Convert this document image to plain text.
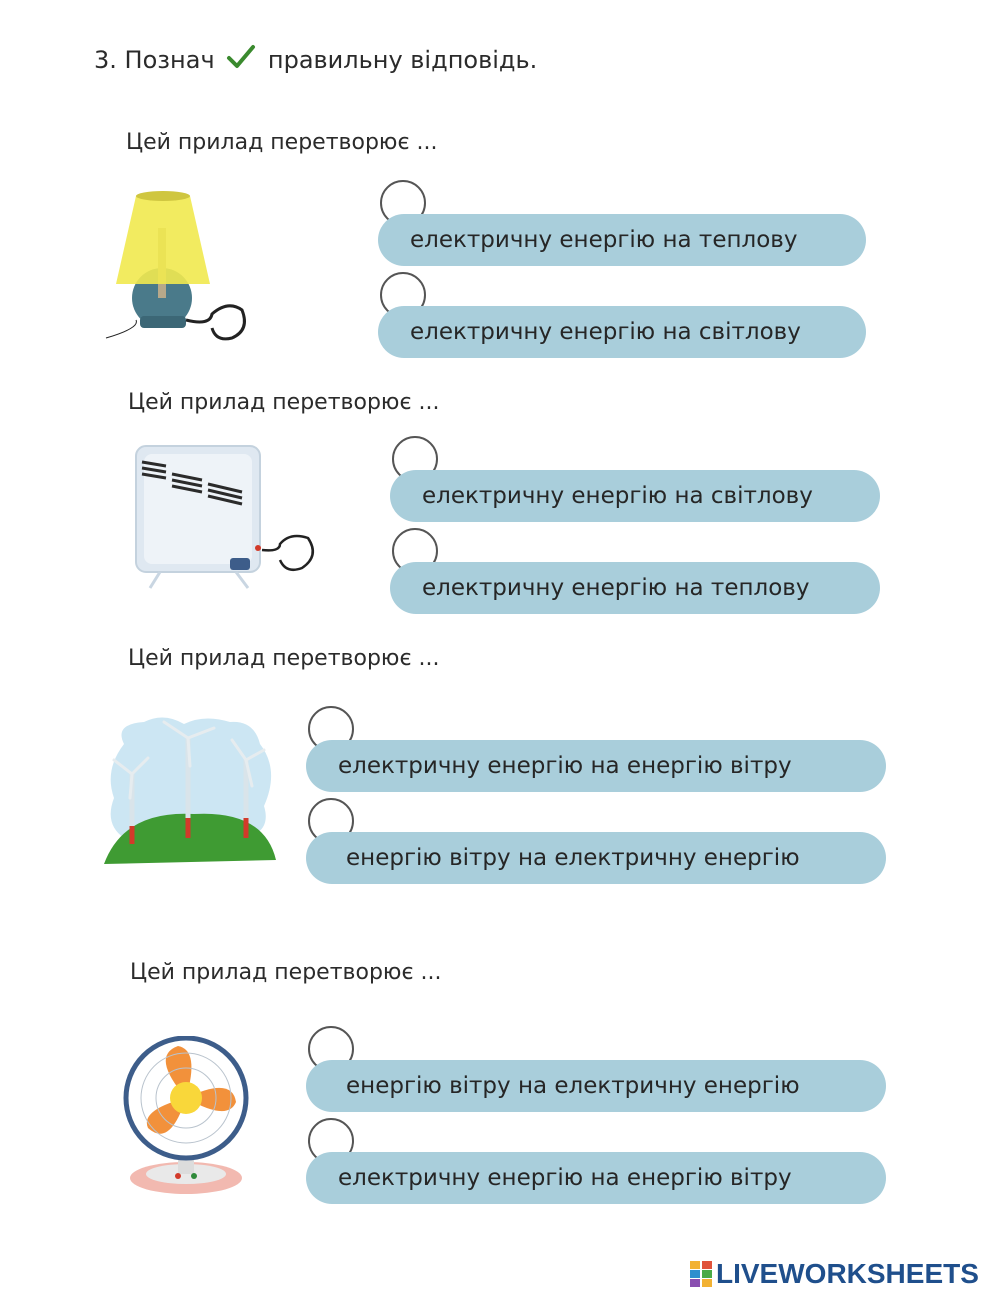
3. Познач правильну відповідь.
Цей прилад перетворює ...
електричну енергію на теплову
електричну енергію на світлову
Цей прилад перетворює ...
електричну енергію на світлову
електричну енергію на теплову
Цей прилад перетворює ...
електричну енергію на енергію вітру
енергію вітру на електричну енергію
Цей прилад перетворює ...
енергію вітру на електричну енергію
електричну енергію на енергію вітру
LIVEWORKSHEETS
